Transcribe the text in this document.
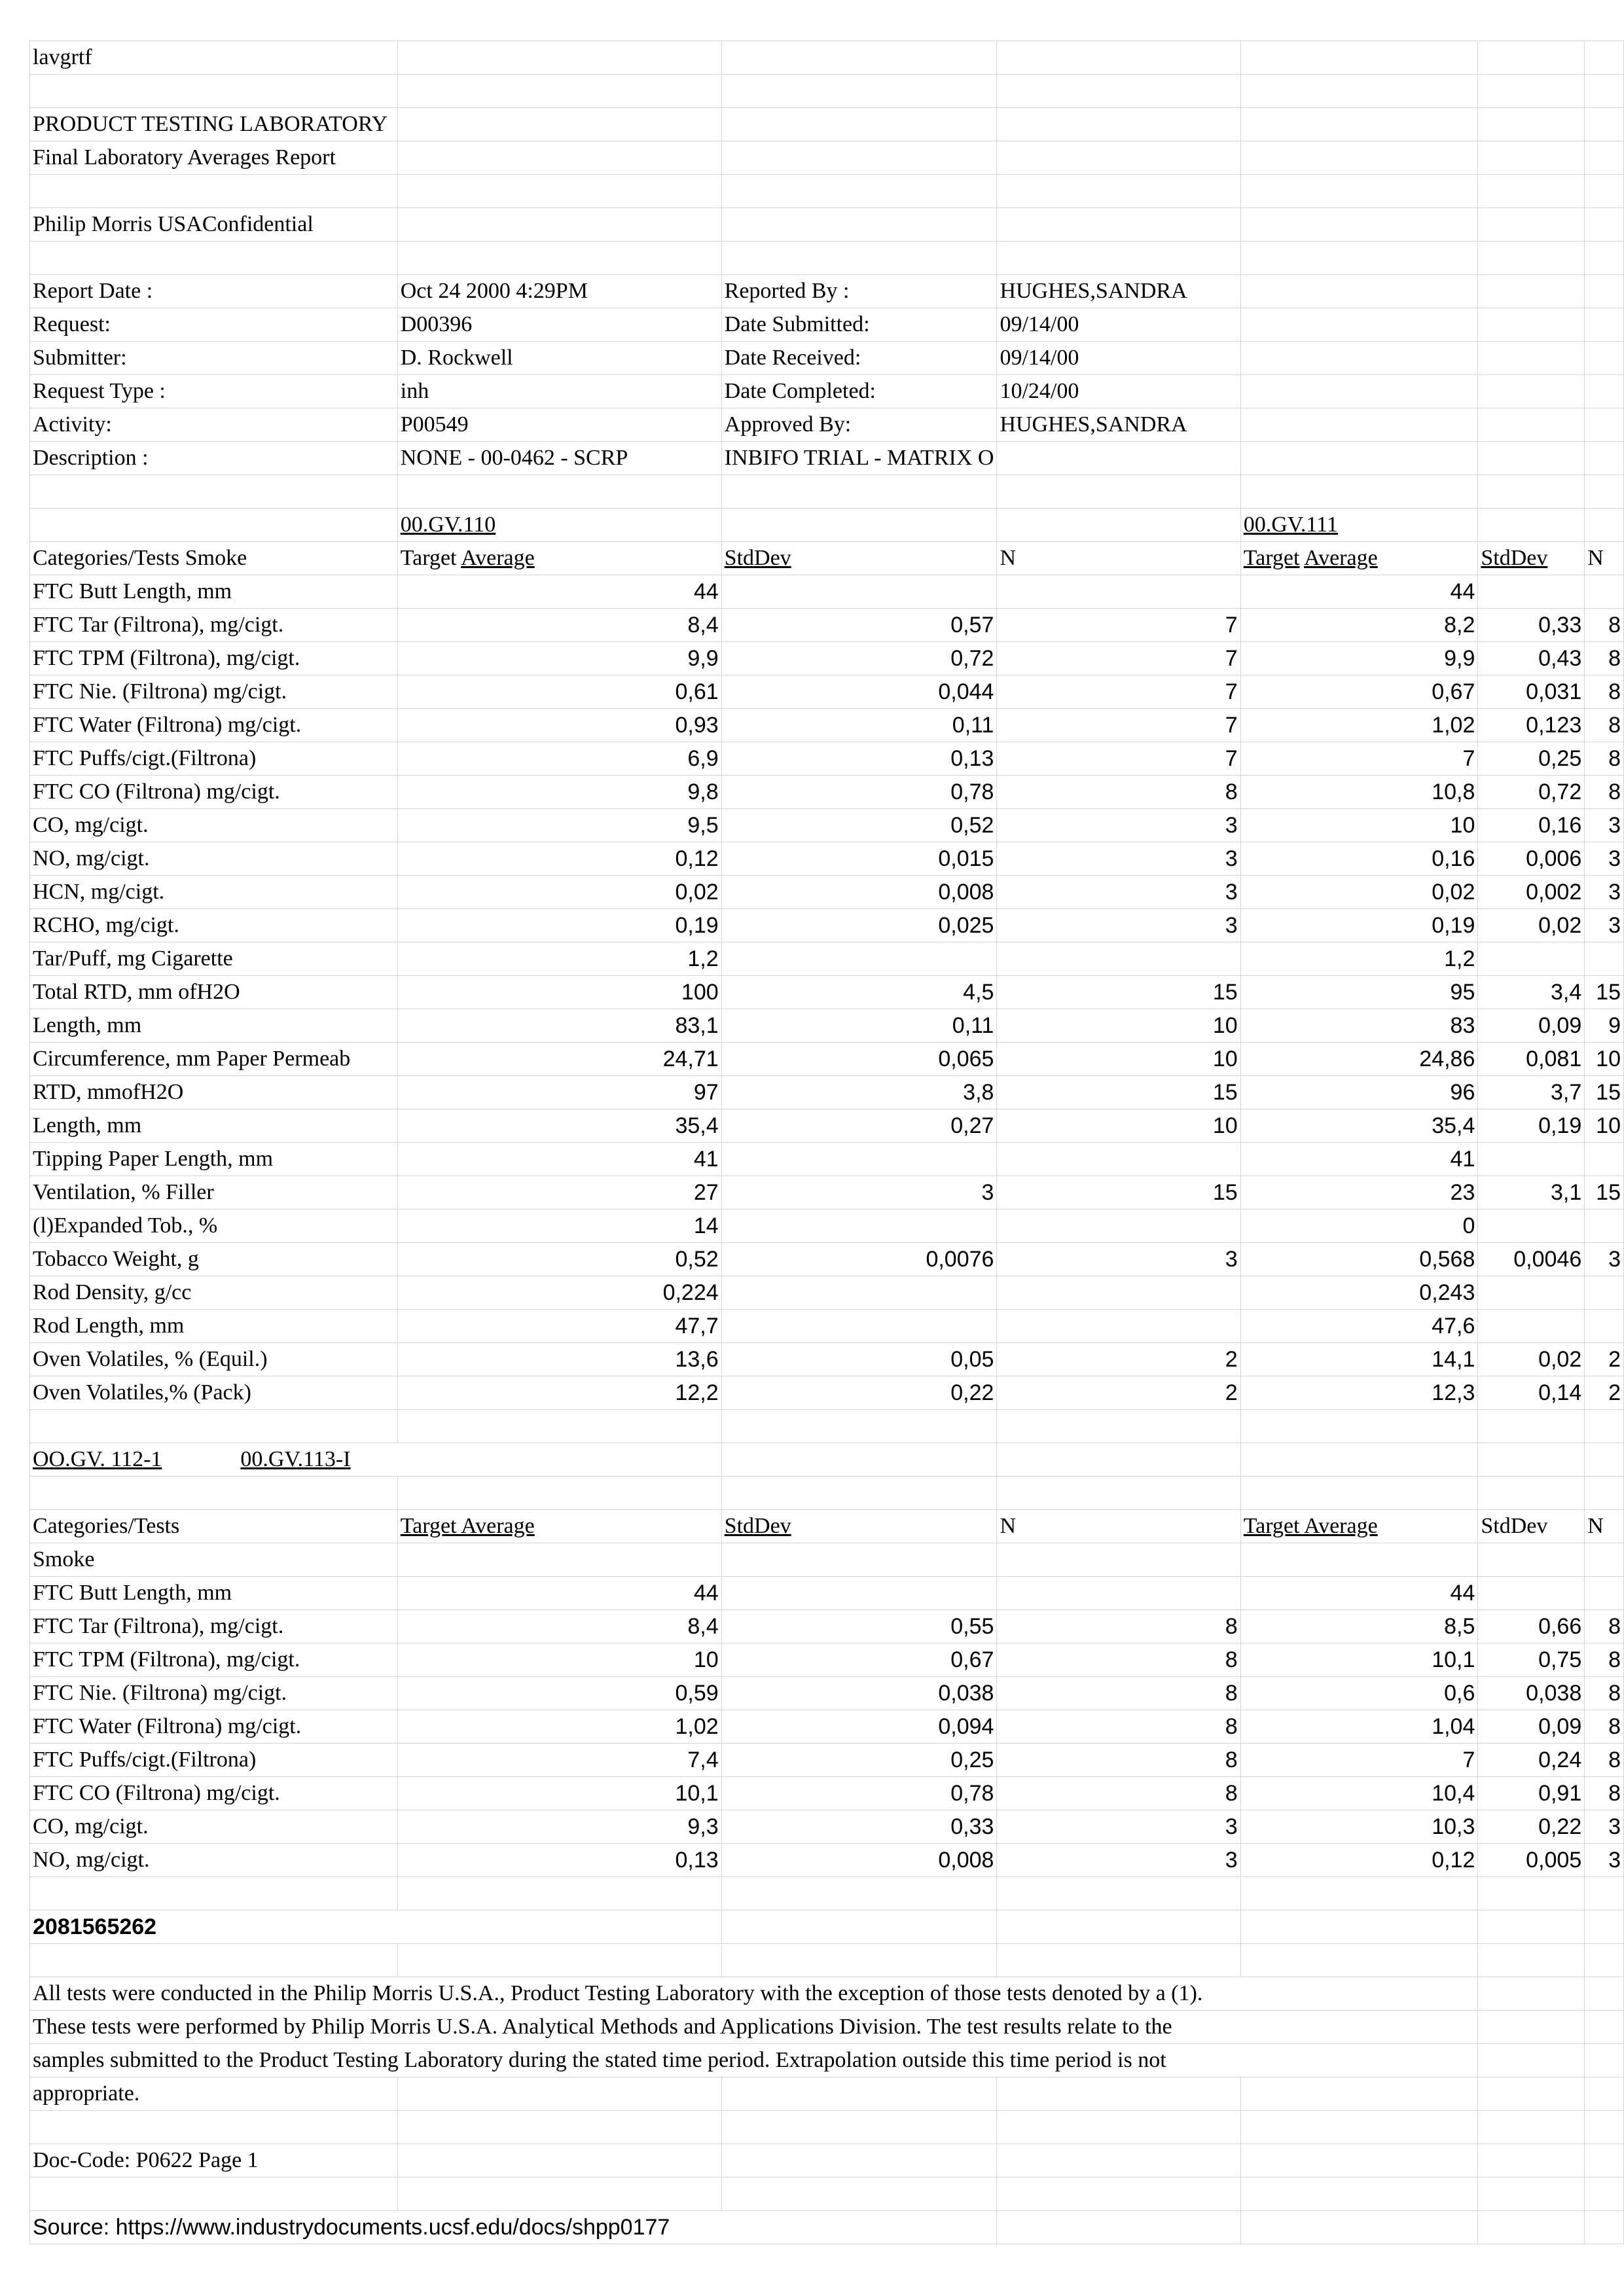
lavgrtf						

PRODUCT TESTING LABORATORY						
Final Laboratory Averages Report						

Philip Morris USAConfidential						

Report Date :	Oct 24 2000 4:29PM	Reported By :	HUGHES,SANDRA			
Request:	D00396	Date Submitted:	09/14/00			
Submitter:	D. Rockwell	Date Received:	09/14/00			
Request Type :	inh	Date Completed:	10/24/00			
Activity:	P00549	Approved By:	HUGHES,SANDRA			
Description :	NONE - 00-0462 - SCRP	INBIFO TRIAL - MATRIX O				

	00.GV.110			00.GV.111		
Categories/Tests Smoke	Target Average	StdDev	N	Target Average	StdDev	N
FTC Butt Length, mm	44			44		
FTC Tar (Filtrona), mg/cigt.	8,4	0,57	7	8,2	0,33	8
FTC TPM (Filtrona), mg/cigt.	9,9	0,72	7	9,9	0,43	8
FTC Nie. (Filtrona) mg/cigt.	0,61	0,044	7	0,67	0,031	8
FTC Water (Filtrona) mg/cigt.	0,93	0,11	7	1,02	0,123	8
FTC Puffs/cigt.(Filtrona)	6,9	0,13	7	7	0,25	8
FTC CO (Filtrona) mg/cigt.	9,8	0,78	8	10,8	0,72	8
CO, mg/cigt.	9,5	0,52	3	10	0,16	3
NO, mg/cigt.	0,12	0,015	3	0,16	0,006	3
HCN, mg/cigt.	0,02	0,008	3	0,02	0,002	3
RCHO, mg/cigt.	0,19	0,025	3	0,19	0,02	3
Tar/Puff, mg Cigarette	1,2			1,2		
Total RTD, mm ofH2O	100	4,5	15	95	3,4	15
Length, mm	83,1	0,11	10	83	0,09	9
Circumference, mm Paper Permeab	24,71	0,065	10	24,86	0,081	10
RTD, mmofH2O	97	3,8	15	96	3,7	15
Length, mm	35,4	0,27	10	35,4	0,19	10
Tipping Paper Length, mm	41			41		
Ventilation, % Filler	27	3	15	23	3,1	15
(l)Expanded Tob., %	14			0		
Tobacco Weight, g	0,52	0,0076	3	0,568	0,0046	3
Rod Density, g/cc	0,224			0,243		
Rod Length, mm	47,7			47,6		
Oven Volatiles, % (Equil.)	13,6	0,05	2	14,1	0,02	2
Oven Volatiles,% (Pack)	12,2	0,22	2	12,3	0,14	2

OO.GV. 112-1 00.GV.113-I						

Categories/Tests	Target Average	StdDev	N	Target Average	StdDev	N
Smoke						
FTC Butt Length, mm	44			44		
FTC Tar (Filtrona), mg/cigt.	8,4	0,55	8	8,5	0,66	8
FTC TPM (Filtrona), mg/cigt.	10	0,67	8	10,1	0,75	8
FTC Nie. (Filtrona) mg/cigt.	0,59	0,038	8	0,6	0,038	8
FTC Water (Filtrona) mg/cigt.	1,02	0,094	8	1,04	0,09	8
FTC Puffs/cigt.(Filtrona)	7,4	0,25	8	7	0,24	8
FTC CO (Filtrona) mg/cigt.	10,1	0,78	8	10,4	0,91	8
CO, mg/cigt.	9,3	0,33	3	10,3	0,22	3
NO, mg/cigt.	0,13	0,008	3	0,12	0,005	3

2081565262						

All tests were conducted in the Philip Morris U.S.A., Product Testing Laboratory with the exception of those tests denoted by a (1).						
These tests were performed by Philip Morris U.S.A. Analytical Methods and Applications Division. The test results relate to the						
samples submitted to the Product Testing Laboratory during the stated time period. Extrapolation outside this time period is not						
appropriate.						

Doc-Code: P0622 Page 1						

Source: https://www.industrydocuments.ucsf.edu/docs/shpp0177						
